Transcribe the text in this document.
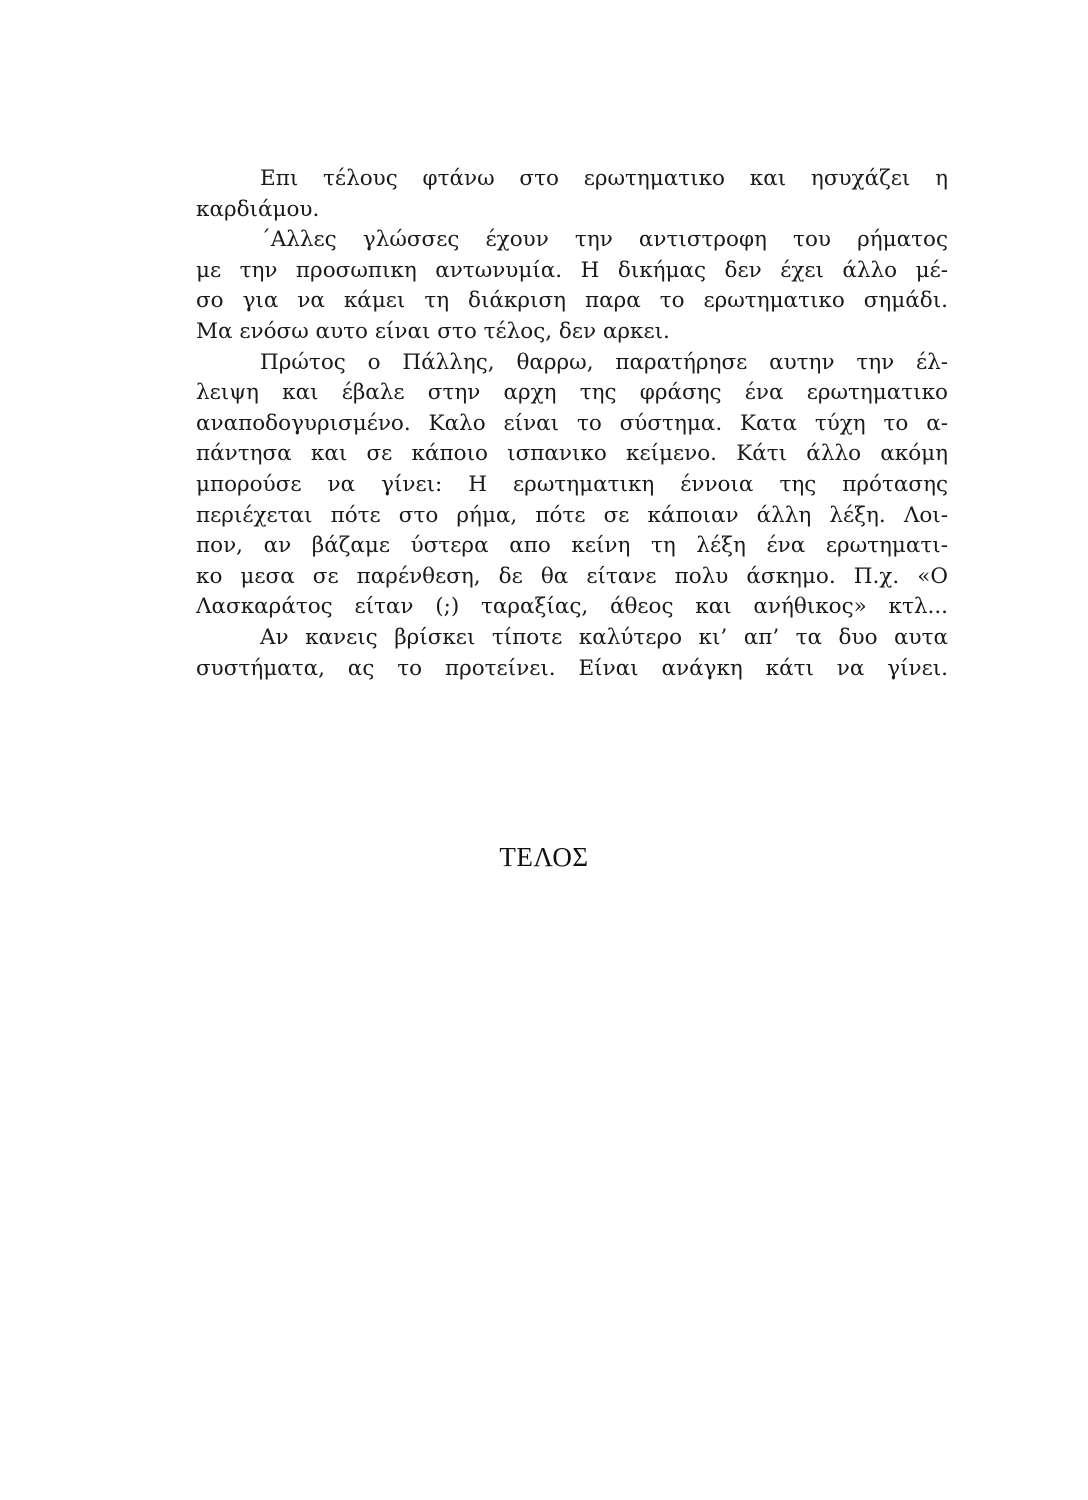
Επι τέλους φτάνω στο ερωτηματικο και ησυχάζει η
καρδιάμου.
΄Αλλες γλώσσες έχουν την αντιστροφη του ρήματος
με την προσωπικη αντωνυμία. Η δικήμας δεν έχει άλλο μέ-
σο για να κάμει τη διάκριση παρα το ερωτηματικο σημάδι.
Μα ενόσω αυτο είναι στο τέλος, δεν αρκει.
Πρώτος ο Πάλλης, θαρρω, παρατήρησε αυτην την έλ-
λειψη και έβαλε στην αρχη της φράσης ένα ερωτηματικο
αναποδογυρισμένο. Καλο είναι το σύστημα. Κατα τύχη το α-
πάντησα και σε κάποιο ισπανικο κείμενο. Κάτι άλλο ακόμη
μπορούσε να γίνει: Η ερωτηματικη έννοια της πρότασης
περιέχεται πότε στο ρήμα, πότε σε κάποιαν άλλη λέξη. Λοι-
πον, αν βάζαμε ύστερα απο κείνη τη λέξη ένα ερωτηματι-
κο μεσα σε παρένθεση, δε θα είτανε πολυ άσκημο. Π.χ. «Ο
Λασκαράτος είταν (;) ταραξίας, άθεος και ανήθικος» κτλ...
Αν κανεις βρίσκει τίποτε καλύτερο κι’ απ’ τα δυο αυτα
συστήματα, ας το προτείνει. Είναι ανάγκη κάτι να γίνει.
ΤΕΛΟΣ
